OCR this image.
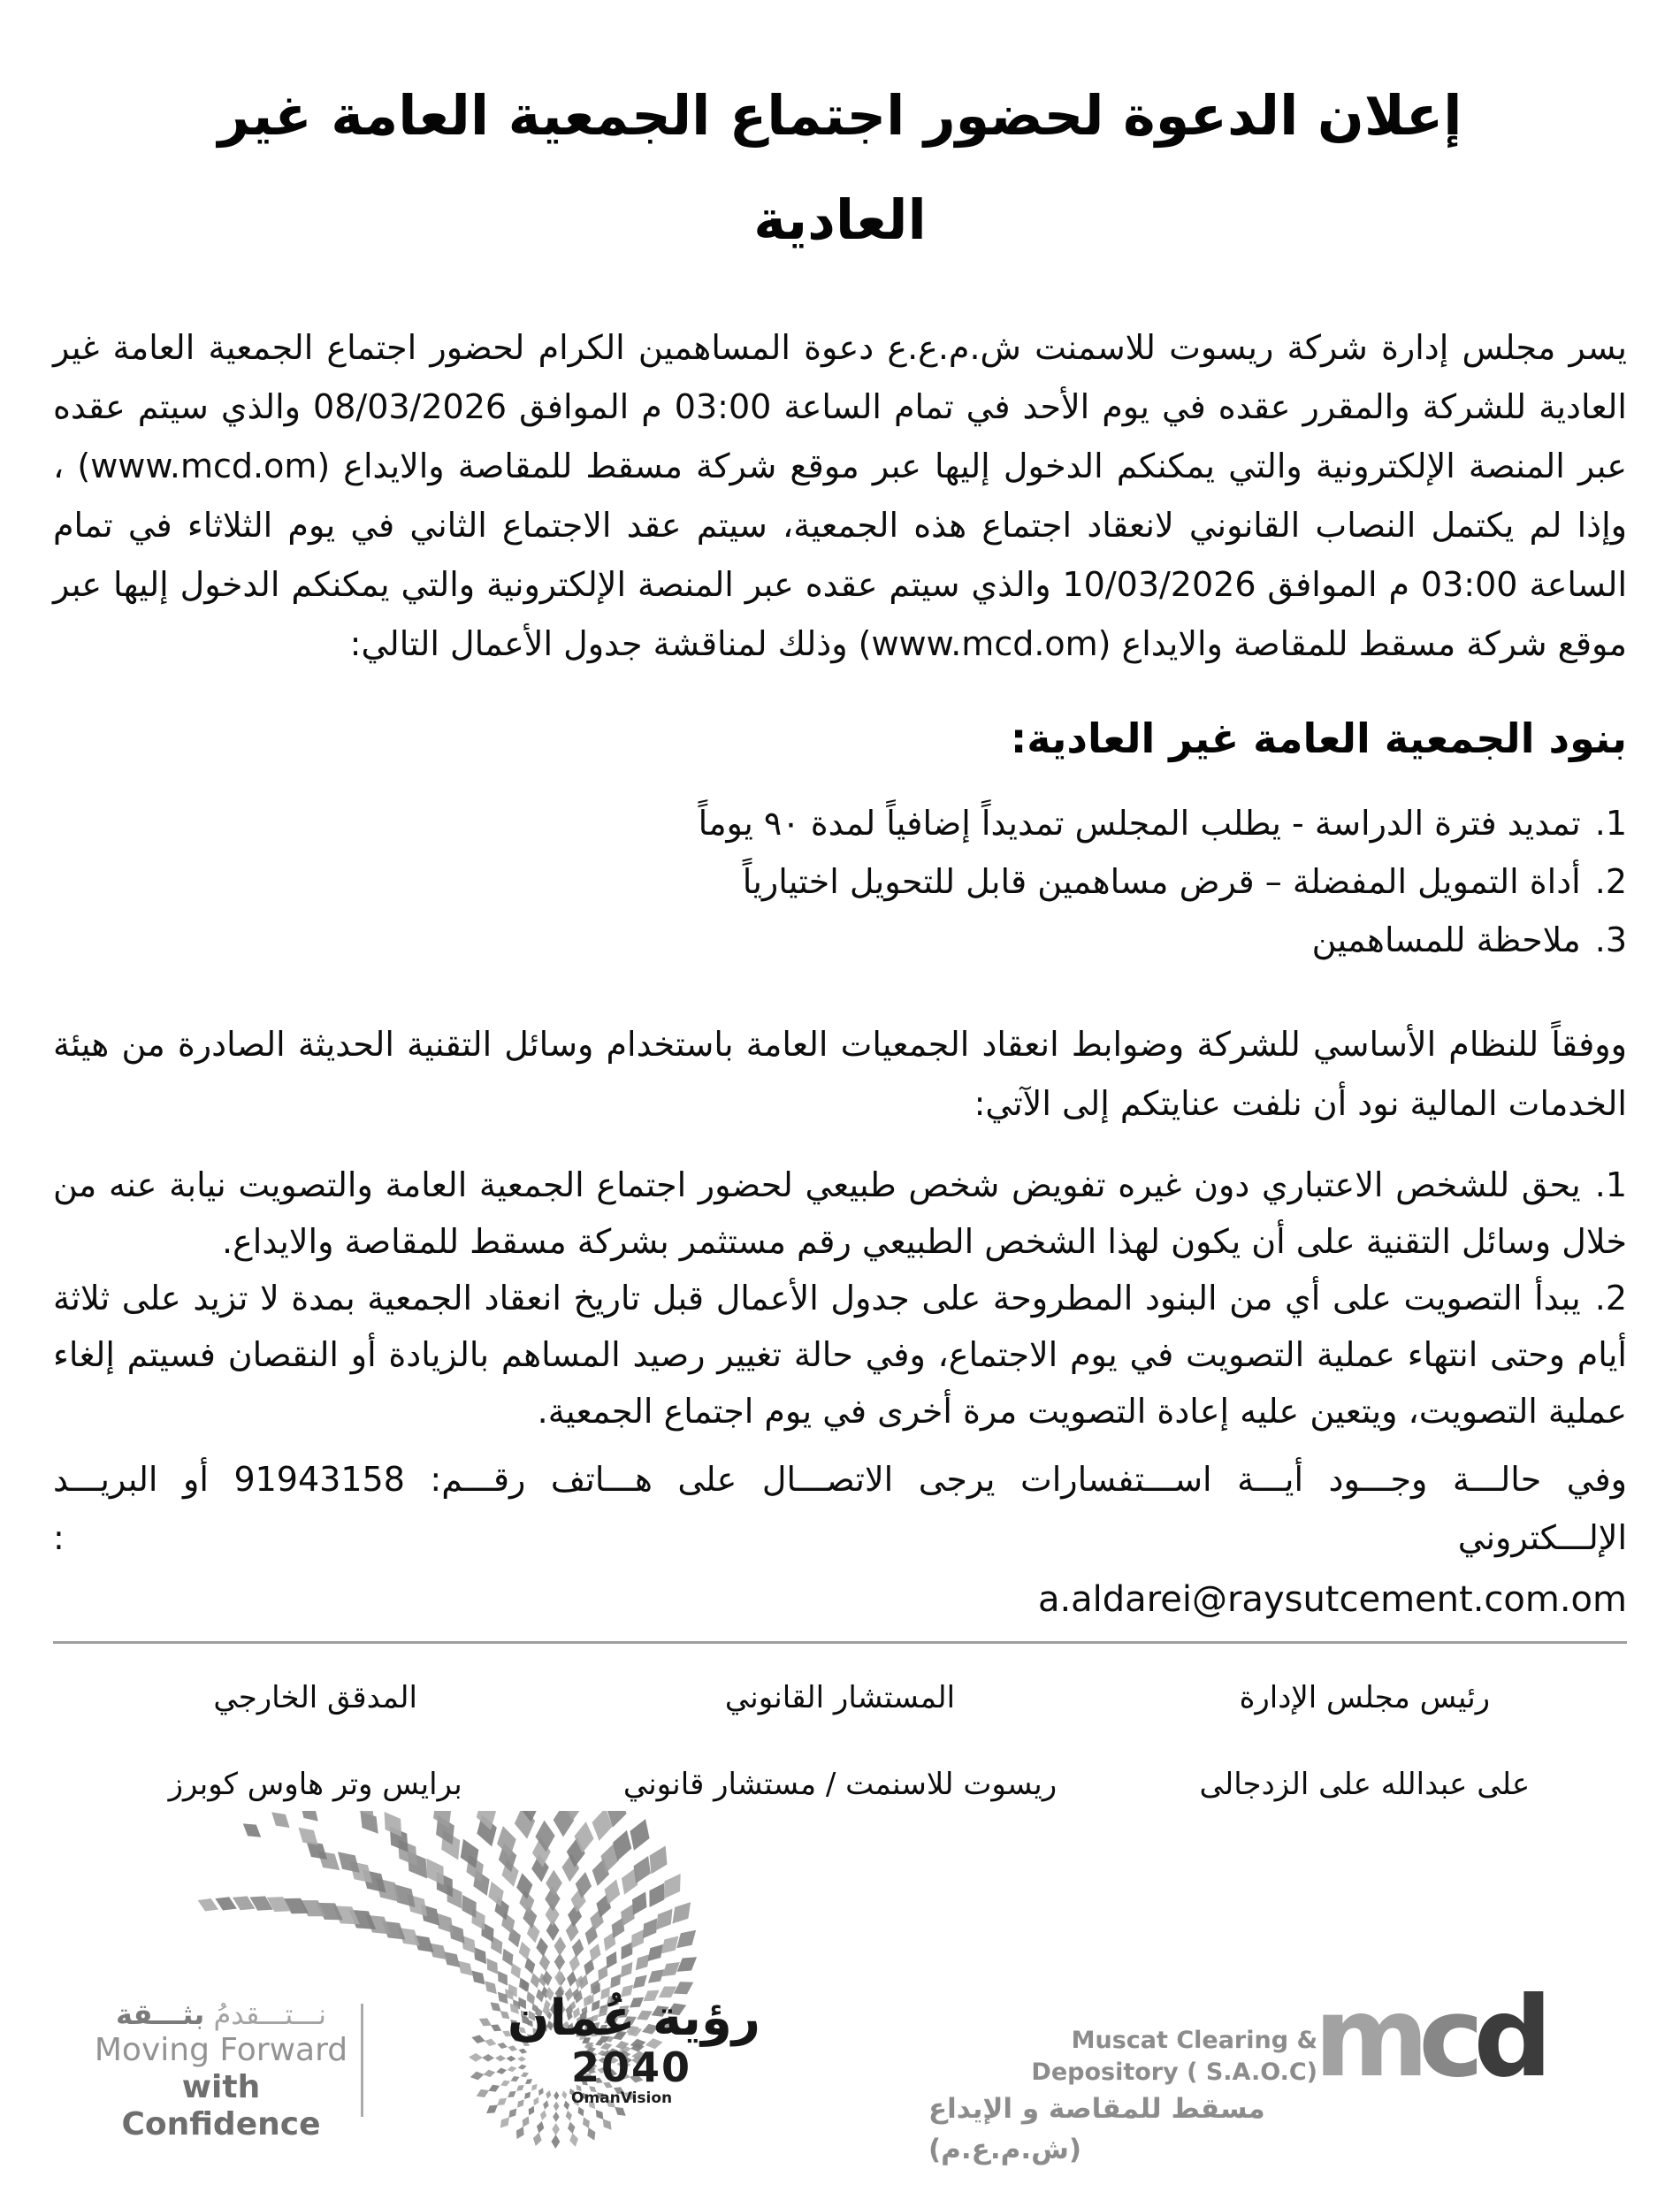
إعلان الدعوة لحضور اجتماع الجمعية العامة غير
العادية
يسر مجلس إدارة شركة ريسوت للاسمنت ش.م.ع.ع دعوة المساهمين الكرام لحضور اجتماع الجمعية العامة غير العادية للشركة والمقرر عقده في يوم الأحد في تمام الساعة 03:00 م الموافق 08/03/2026 والذي سيتم عقده عبر المنصة الإلكترونية والتي يمكنكم الدخول إليها عبر موقع شركة مسقط للمقاصة والايداع (www.mcd.om) ، وإذا لم يكتمل النصاب القانوني لانعقاد اجتماع هذه الجمعية، سيتم عقد الاجتماع الثاني في يوم الثلاثاء في تمام الساعة 03:00 م الموافق 10/03/2026 والذي سيتم عقده عبر المنصة الإلكترونية والتي يمكنكم الدخول إليها عبر موقع شركة مسقط للمقاصة والايداع (www.mcd.om) وذلك لمناقشة جدول الأعمال التالي:
بنود الجمعية العامة غير العادية:
1.تمديد فترة الدراسة - يطلب المجلس تمديداً إضافياً لمدة ٩٠ يوماً
2.أداة التمويل المفضلة – قرض مساهمين قابل للتحويل اختيارياً
3.ملاحظة للمساهمين
ووفقاً للنظام الأساسي للشركة وضوابط انعقاد الجمعيات العامة باستخدام وسائل التقنية الحديثة الصادرة من هيئة الخدمات المالية نود أن نلفت عنايتكم إلى الآتي:
1.يحق للشخص الاعتباري دون غيره تفويض شخص طبيعي لحضور اجتماع الجمعية العامة والتصويت نيابة عنه من خلال وسائل التقنية على أن يكون لهذا الشخص الطبيعي رقم مستثمر بشركة مسقط للمقاصة والايداع.
2.يبدأ التصويت على أي من البنود المطروحة على جدول الأعمال قبل تاريخ انعقاد الجمعية بمدة لا تزيد على ثلاثة أيام وحتى انتهاء عملية التصويت في يوم الاجتماع، وفي حالة تغيير رصيد المساهم بالزيادة أو النقصان فسيتم إلغاء عملية التصويت، ويتعين عليه إعادة التصويت مرة أخرى في يوم اجتماع الجمعية.
وفي حالـــة وجـــود أيـــة اســـتفسارات يرجى الاتصـــال على هـــاتف رقـــم: 91943158 أو البريـــد الإلـــكتروني :
a.aldarei@raysutcement.com.om
رئيس مجلس الإدارة
المستشار القانوني
المدقق الخارجي
على عبدالله على الزدجالى
ريسوت للاسنمت / مستشار قانوني
برايس وتر هاوس كوبرز
نـــتـــقدمُ بثـــقة
Moving Forward
with Confidence
رؤية عُمان
2040
OmanVision
Muscat Clearing & Depository ( S.A.O.C)
مسقط للمقاصة و الإيداع (ش.م.ع.م)
mcd
